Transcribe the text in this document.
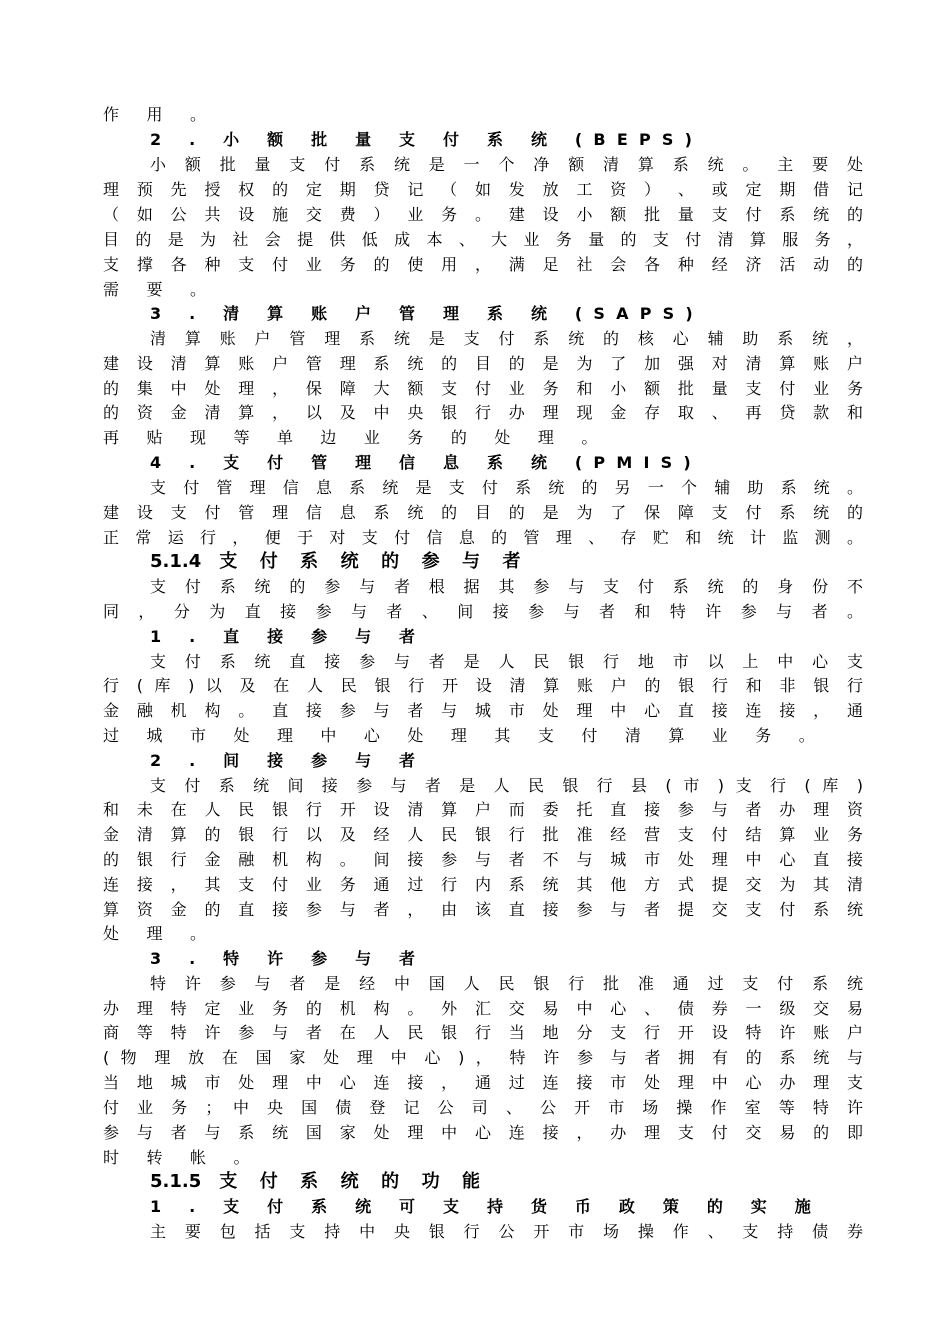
作 用 。
2 . 小 额 批 量 支 付 系 统 (BEPS)
小 额 批 量 支 付 系 统 是 一 个 净 额 清 算 系 统 。 主 要 处
理 预 先 授 权 的 定 期 贷 记 （ 如 发 放 工 资 ） 、 或 定 期 借 记
（ 如 公 共 设 施 交 费 ） 业 务 。 建 设 小 额 批 量 支 付 系 统 的
目 的 是 为 社 会 提 供 低 成 本 、 大 业 务 量 的 支 付 清 算 服 务 ，
支 撑 各 种 支 付 业 务 的 使 用 ， 满 足 社 会 各 种 经 济 活 动 的
需 要 。
3 . 清 算 账 户 管 理 系 统 (SAPS)
清 算 账 户 管 理 系 统 是 支 付 系 统 的 核 心 辅 助 系 统 ，
建 设 清 算 账 户 管 理 系 统 的 目 的 是 为 了 加 强 对 清 算 账 户
的 集 中 处 理 ， 保 障 大 额 支 付 业 务 和 小 额 批 量 支 付 业 务
的 资 金 清 算 ， 以 及 中 央 银 行 办 理 现 金 存 取 、 再 贷 款 和
再 贴 现 等 单 边 业 务 的 处 理 。
4 . 支 付 管 理 信 息 系 统 (PMIS)
支 付 管 理 信 息 系 统 是 支 付 系 统 的 另 一 个 辅 助 系 统 。
建 设 支 付 管 理 信 息 系 统 的 目 的 是 为 了 保 障 支 付 系 统 的
正 常 运 行 ， 便 于 对 支 付 信 息 的 管 理 、 存 贮 和 统 计 监 测 。
5.1.4 支 付 系 统 的 参 与 者
支 付 系 统 的 参 与 者 根 据 其 参 与 支 付 系 统 的 身 份 不
同 ， 分 为 直 接 参 与 者 、 间 接 参 与 者 和 特 许 参 与 者 。
1 . 直 接 参 与 者
支 付 系 统 直 接 参 与 者 是 人 民 银 行 地 市 以 上 中 心 支
行 ( 库 ) 以 及 在 人 民 银 行 开 设 清 算 账 户 的 银 行 和 非 银 行
金 融 机 构 。 直 接 参 与 者 与 城 市 处 理 中 心 直 接 连 接 ， 通
过 城 市 处 理 中 心 处 理 其 支 付 清 算 业 务 。
2 . 间 接 参 与 者
支 付 系 统 间 接 参 与 者 是 人 民 银 行 县 ( 市 ) 支 行 ( 库 )
和 未 在 人 民 银 行 开 设 清 算 户 而 委 托 直 接 参 与 者 办 理 资
金 清 算 的 银 行 以 及 经 人 民 银 行 批 准 经 营 支 付 结 算 业 务
的 银 行 金 融 机 构 。 间 接 参 与 者 不 与 城 市 处 理 中 心 直 接
连 接 ， 其 支 付 业 务 通 过 行 内 系 统 其 他 方 式 提 交 为 其 清
算 资 金 的 直 接 参 与 者 ， 由 该 直 接 参 与 者 提 交 支 付 系 统
处 理 。
3 . 特 许 参 与 者
特 许 参 与 者 是 经 中 国 人 民 银 行 批 准 通 过 支 付 系 统
办 理 特 定 业 务 的 机 构 。 外 汇 交 易 中 心 、 债 券 一 级 交 易
商 等 特 许 参 与 者 在 人 民 银 行 当 地 分 支 行 开 设 特 许 账 户
( 物 理 放 在 国 家 处 理 中 心 ) ， 特 许 参 与 者 拥 有 的 系 统 与
当 地 城 市 处 理 中 心 连 接 ， 通 过 连 接 市 处 理 中 心 办 理 支
付 业 务 ； 中 央 国 债 登 记 公 司 、 公 开 市 场 操 作 室 等 特 许
参 与 者 与 系 统 国 家 处 理 中 心 连 接 ， 办 理 支 付 交 易 的 即
时 转 帐 。
5.1.5 支 付 系 统 的 功 能
1 . 支 付 系 统 可 支 持 货 币 政 策 的 实 施
主 要 包 括 支 持 中 央 银 行 公 开 市 场 操 作 、 支 持 债 券
